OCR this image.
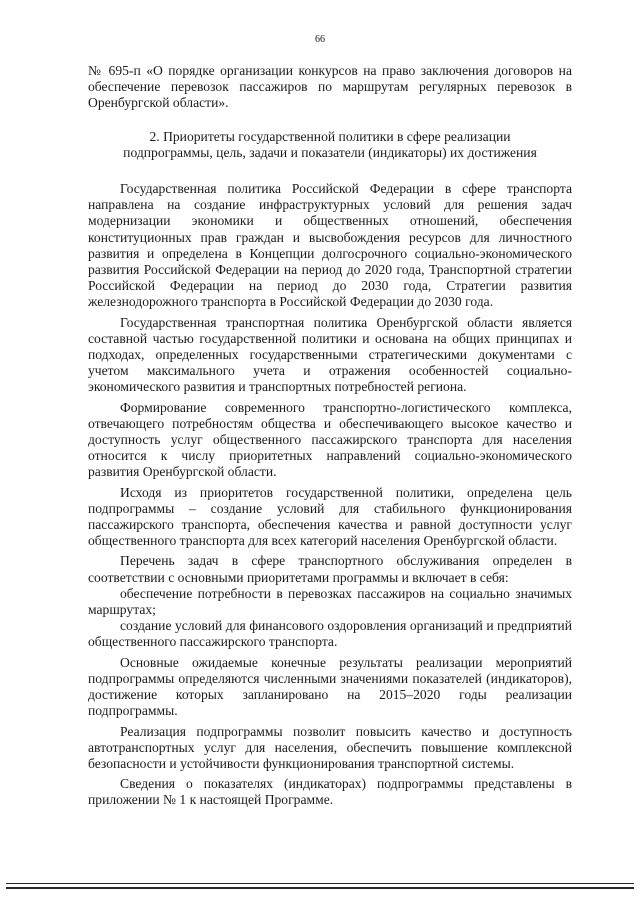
66
№ 695-п «О порядке организации конкурсов на право заключения договоров на обеспечение перевозок пассажиров по маршрутам регулярных перевозок в Оренбургской области».
2. Приоритеты государственной политики в сфере реализации
подпрограммы, цель, задачи и показатели (индикаторы) их достижения

Государственная политика Российской Федерации в сфере транспорта направлена на создание инфраструктурных условий для решения задач модернизации экономики и общественных отношений, обеспечения конституционных прав граждан и высвобождения ресурсов для личностного развития и определена в Концепции долгосрочного социально-экономического развития Российской Федерации на период до 2020 года, Транспортной стратегии Российской Федерации на период до 2030 года, Стратегии развития железнодорожного транспорта в Российской Федерации до 2030 года.

Государственная транспортная политика Оренбургской области является составной частью государственной политики и основана на общих принципах и подходах, определенных государственными стратегическими документами с учетом максимального учета и отражения особенностей социально-экономического развития и транспортных потребностей региона.

Формирование современного транспортно-логистического комплекса, отвечающего потребностям общества и обеспечивающего высокое качество и доступность услуг общественного пассажирского транспорта для населения относится к числу приоритетных направлений социально-экономического развития Оренбургской области.

Исходя из приоритетов государственной политики, определена цель подпрограммы – создание условий для стабильного функционирования пассажирского транспорта, обеспечения качества и равной доступности услуг общественного транспорта для всех категорий населения Оренбургской области.

Перечень задач в сфере транспортного обслуживания определен в соответствии с основными приоритетами программы и включает в себя:

обеспечение потребности в перевозках пассажиров на социально значимых маршрутах;

создание условий для финансового оздоровления организаций и предприятий общественного пассажирского транспорта.

Основные ожидаемые конечные результаты реализации мероприятий подпрограммы определяются численными значениями показателей (индикаторов), достижение которых запланировано на 2015–2020 годы реализации подпрограммы.

Реализация подпрограммы позволит повысить качество и доступность автотранспортных услуг для населения, обеспечить повышение комплексной безопасности и устойчивости функционирования транспортной системы.

Сведения о показателях (индикаторах) подпрограммы представлены в приложении № 1 к настоящей Программе.
